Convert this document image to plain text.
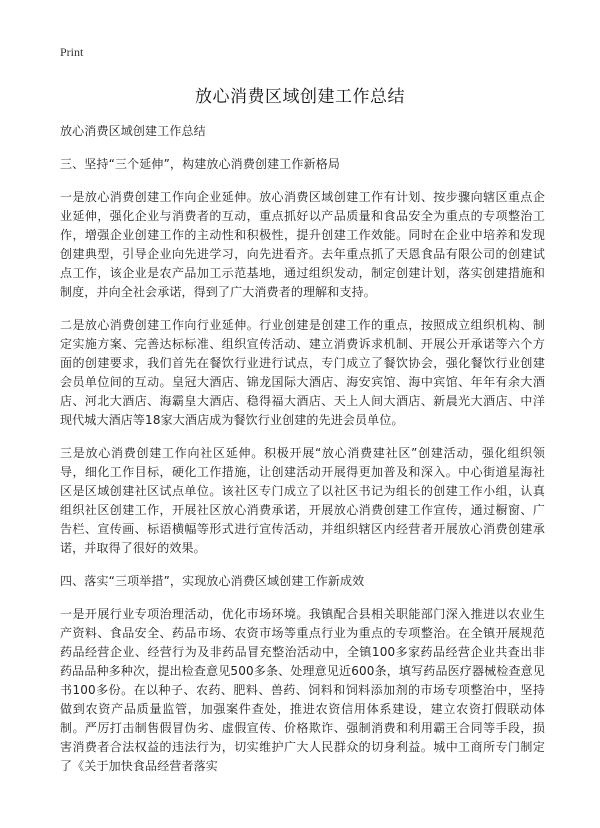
Print
放心消费区域创建工作总结

放心消费区域创建工作总结

三、坚持“三个延伸”，构建放心消费创建工作新格局

一是放心消费创建工作向企业延伸。放心消费区域创建工作有计划、按步骤向辖区重点企业延伸，强化企业与消费者的互动，重点抓好以产品质量和食品安全为重点的专项整治工作，增强企业创建工作的主动性和积极性，提升创建工作效能。同时在企业中培养和发现创建典型，引导企业向先进学习，向先进看齐。去年重点抓了天恩食品有限公司的创建试点工作，该企业是农产品加工示范基地，通过组织发动，制定创建计划，落实创建措施和制度，并向全社会承诺，得到了广大消费者的理解和支持。

二是放心消费创建工作向行业延伸。行业创建是创建工作的重点，按照成立组织机构、制定实施方案、完善达标标准、组织宣传活动、建立消费诉求机制、开展公开承诺等六个方面的创建要求，我们首先在餐饮行业进行试点，专门成立了餐饮协会，强化餐饮行业创建会员单位间的互动。皇冠大酒店、锦龙国际大酒店、海安宾馆、海中宾馆、年年有余大酒店、河北大酒店、海霸皇大酒店、稳得福大酒店、天上人间大酒店、新晨光大酒店、中洋现代城大酒店等18家大酒店成为餐饮行业创建的先进会员单位。

三是放心消费创建工作向社区延伸。积极开展“放心消费建社区”创建活动，强化组织领导，细化工作目标，硬化工作措施，让创建活动开展得更加普及和深入。中心街道星海社区是区域创建社区试点单位。该社区专门成立了以社区书记为组长的创建工作小组，认真组织社区创建工作，开展社区放心消费承诺，开展放心消费创建工作宣传，通过橱窗、广告栏、宣传画、标语横幅等形式进行宣传活动，并组织辖区内经营者开展放心消费创建承诺，并取得了很好的效果。

四、落实“三项举措”，实现放心消费区域创建工作新成效

一是开展行业专项治理活动，优化市场环境。我镇配合县相关职能部门深入推进以农业生产资料、食品安全、药品市场、农资市场等重点行业为重点的专项整治。在全镇开展规范药品经营企业、经营行为及非药品冒充整治活动中，全镇100多家药品经营企业共查出非药品品种多种次，提出检查意见500多条、处理意见近600条，填写药品医疗器械检查意见书100多份。在以种子、农药、肥料、兽药、饲料和饲料添加剂的市场专项整治中，坚持做到农资产品质量监管，加强案件查处，推进农资信用体系建设，建立农资打假联动体制。严厉打击制售假冒伪劣、虚假宣传、价格欺诈、强制消费和利用霸王合同等手段，损害消费者合法权益的违法行为，切实维护广大人民群众的切身利益。城中工商所专门制定了《关于加快食品经营者落实
